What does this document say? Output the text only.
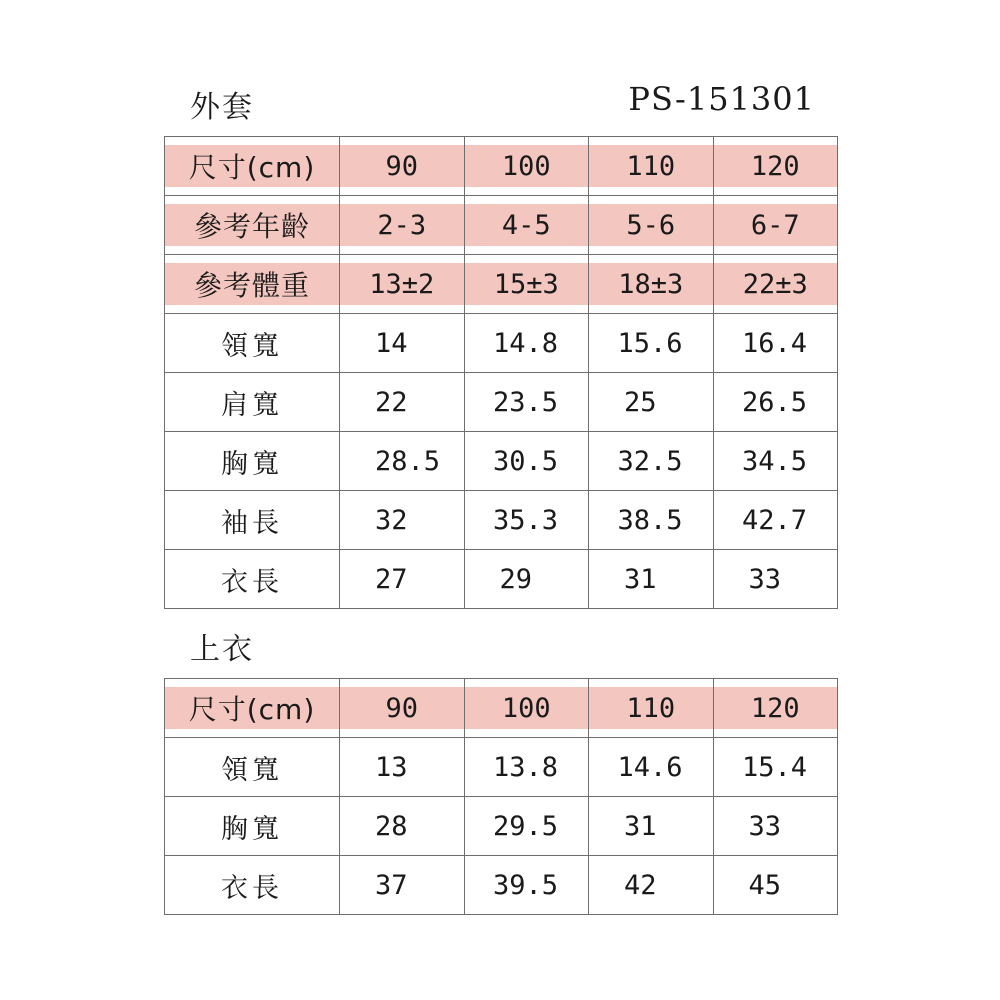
外套	PS-151301
尺寸(cm)	90	100	110	120

參考年齡	2-3	4-5	5-6	6-7

參考體重	13±2	15±3	18±3	22±3

領寬	14	14.8	15.6	16.4
肩寬	22	23.5	25	26.5
胸寬	28.5	30.5	32.5	34.5
袖長	32	35.3	38.5	42.7
衣長	27	29	31	33
上衣
尺寸(cm)	90	100	110	120

領寬	13	13.8	14.6	15.4
胸寬	28	29.5	31	33
衣長	37	39.5	42	45
